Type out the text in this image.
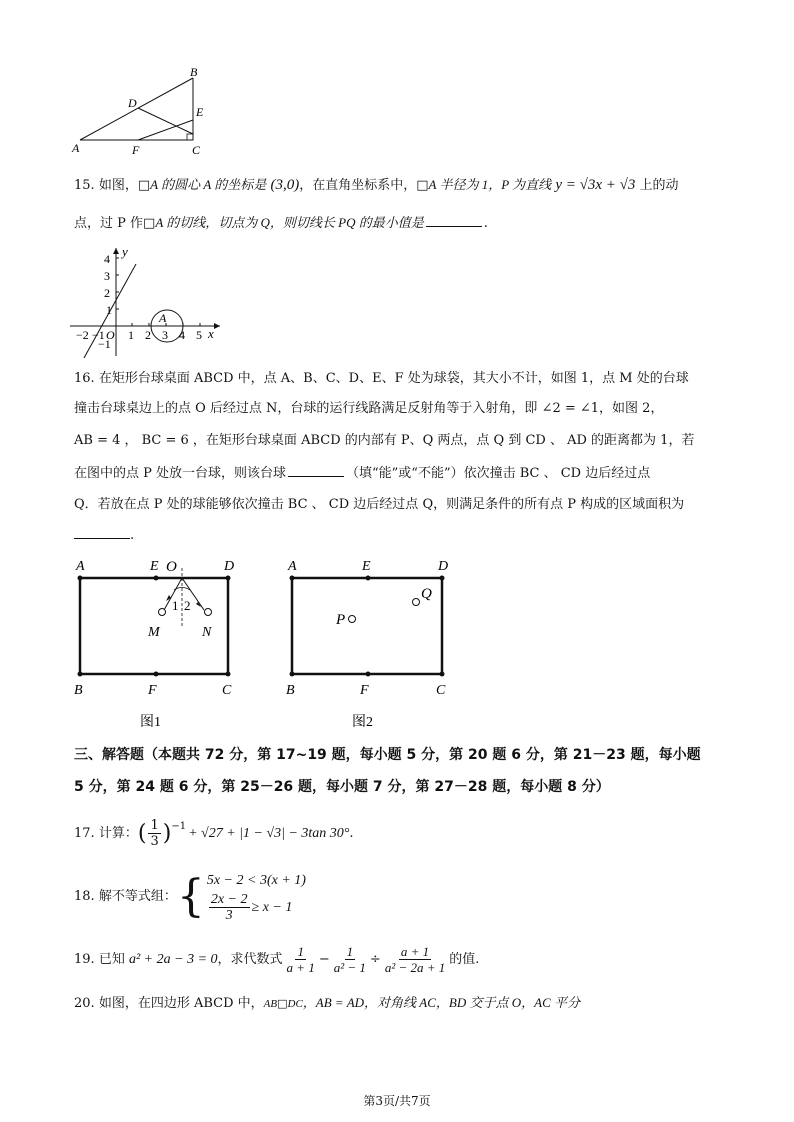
B
D
E
A	F	C
15. 如图，□A 的圆心 A 的坐标是 (3,0)，在直角坐标系中，□A 半径为 1，P 为直线 y = √3x + √3 上的动
点，过 P 作□A 的切线，切点为 Q，则切线长 PQ 的最小值是	.
y
x
O
A
4
3
2
1
−1
−2 −1 1 2 3 4 5
16. 在矩形台球桌面 ABCD 中，点 A、B、C、D、E、F 处为球袋，其大小不计，如图 1，点 M 处的台球
撞击台球桌边上的点 O 后经过点 N，台球的运行线路满足反射角等于入射角，即 ∠2 = ∠1，如图 2，
AB = 4 ， BC = 6 ，在矩形台球桌面 ABCD 的内部有 P、Q 两点，点 Q 到 CD 、 AD 的距离都为 1，若
在图中的点 P 处放一台球，则该台球	（填“能”或“不能”）依次撞击 BC 、 CD 边后经过点
Q．若放在点 P 处的球能够依次撞击 BC 、 CD 边后经过点 Q，则满足条件的所有点 P 构成的区域面积为
.
A	E O	D
1 2
M	N
B	F	C
图1
A	E	D
P
Q
B	F	C
图2
三、解答题（本题共 72 分，第 17~19 题，每小题 5 分，第 20 题 6 分，第 21－23 题，每小题
5 分，第 24 题 6 分，第 25－26 题，每小题 7 分，第 27－28 题，每小题 8 分）
17.
计算： ( $\frac{1}{3} )^{-1} + √27 + |1 - √3| - 3\tan$ 30° .
18.
解不等式组： { 5x − 2 < 3(x + 1)
$\frac{2x - 2}{3} \ge x - 1$
19.
已知
a² + 2a − 3 = 0 ，求代数式 $\frac{1}{a + 1} - \frac{1}{\text{a² − 1}} \div \frac{a + 1}{\text{a² − 2a + 1}}$ 的值.
20. 如图，在四边形 ABCD 中，AB□DC，AB = AD，对角线 AC，BD 交于点 O，AC 平分
第3页/共7页
